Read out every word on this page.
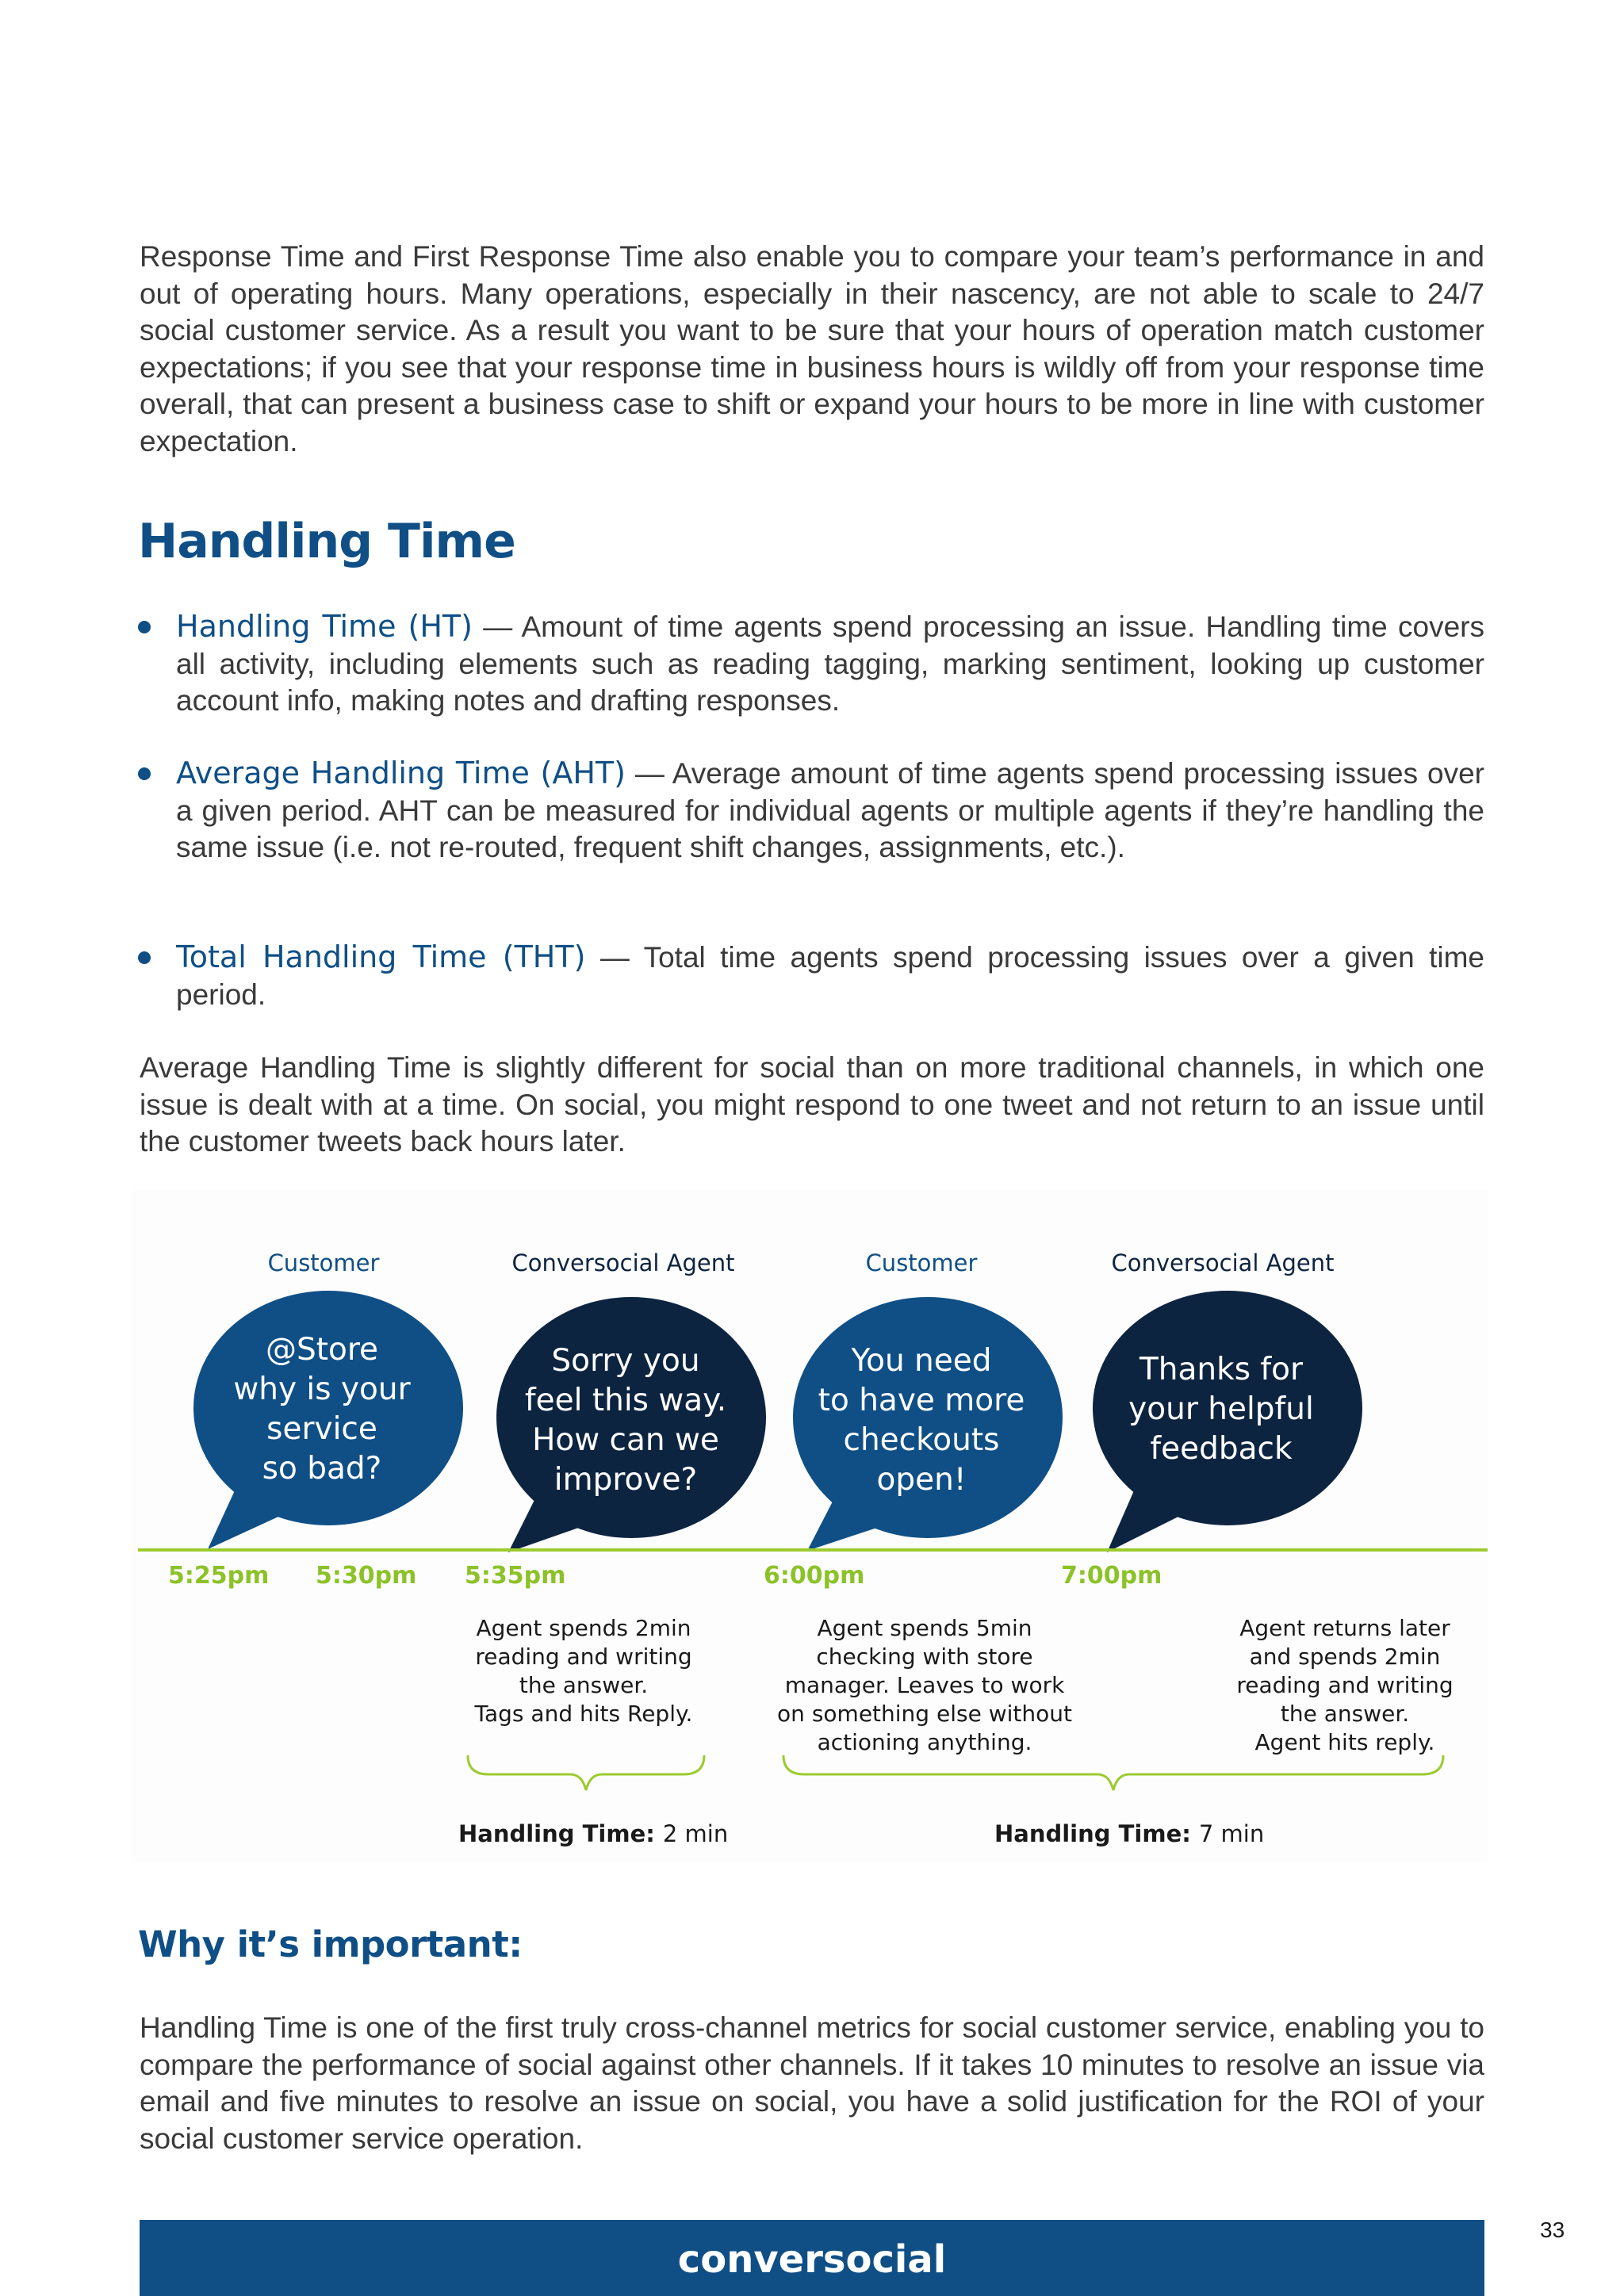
Response Time and First Response Time also enable you to compare your team’s performance in and out of operating hours. Many operations, especially in their nascency, are not able to scale to 24/7 social customer service. As a result you want to be sure that your hours of operation match customer expectations; if you see that your response time in business hours is wildly off from your response time overall, that can present a business case to shift or expand your hours to be more in line with customer expectation.

Handling Time
Handling Time (HT) — Amount of time agents spend processing an issue. Handling time covers all activity, including elements such as reading tagging, marking sentiment, looking up customer account info, making notes and drafting responses.
Average Handling Time (AHT) — Average amount of time agents spend processing issues over a given period. AHT can be measured for individual agents or multiple agents if they’re handling the same issue (i.e. not re-routed, frequent shift changes, assignments, etc.).
Total Handling Time (THT) — Total time agents spend processing issues over a given time period.

Average Handling Time is slightly different for social than on more traditional channels, in which one issue is dealt with at a time. On social, you might respond to one tweet and not return to an issue until the customer tweets back hours later.

Customer	Conversocial Agent	Customer	Conversocial Agent
@Store
why is your
service
so bad?
Sorry you
feel this way.
How can we
improve?
You need
to have more
checkouts
open!
Thanks for
your helpful
feedback
5:25pm 5:30pm 5:35pm	6:00pm	7:00pm
Agent spends 2min
reading and writing
the answer.
Tags and hits Reply.
Agent spends 5min
checking with store
manager. Leaves to work
on something else without
actioning anything.
Agent returns later
and spends 2min
reading and writing
the answer.
Agent hits reply.
Handling Time: 2 min	Handling Time: 7 min
Why it’s important:

Handling Time is one of the first truly cross-channel metrics for social customer service, enabling you to compare the performance of social against other channels. If it takes 10 minutes to resolve an issue via email and five minutes to resolve an issue on social, you have a solid justification for the ROI of your social customer service operation.

conversocial
33
